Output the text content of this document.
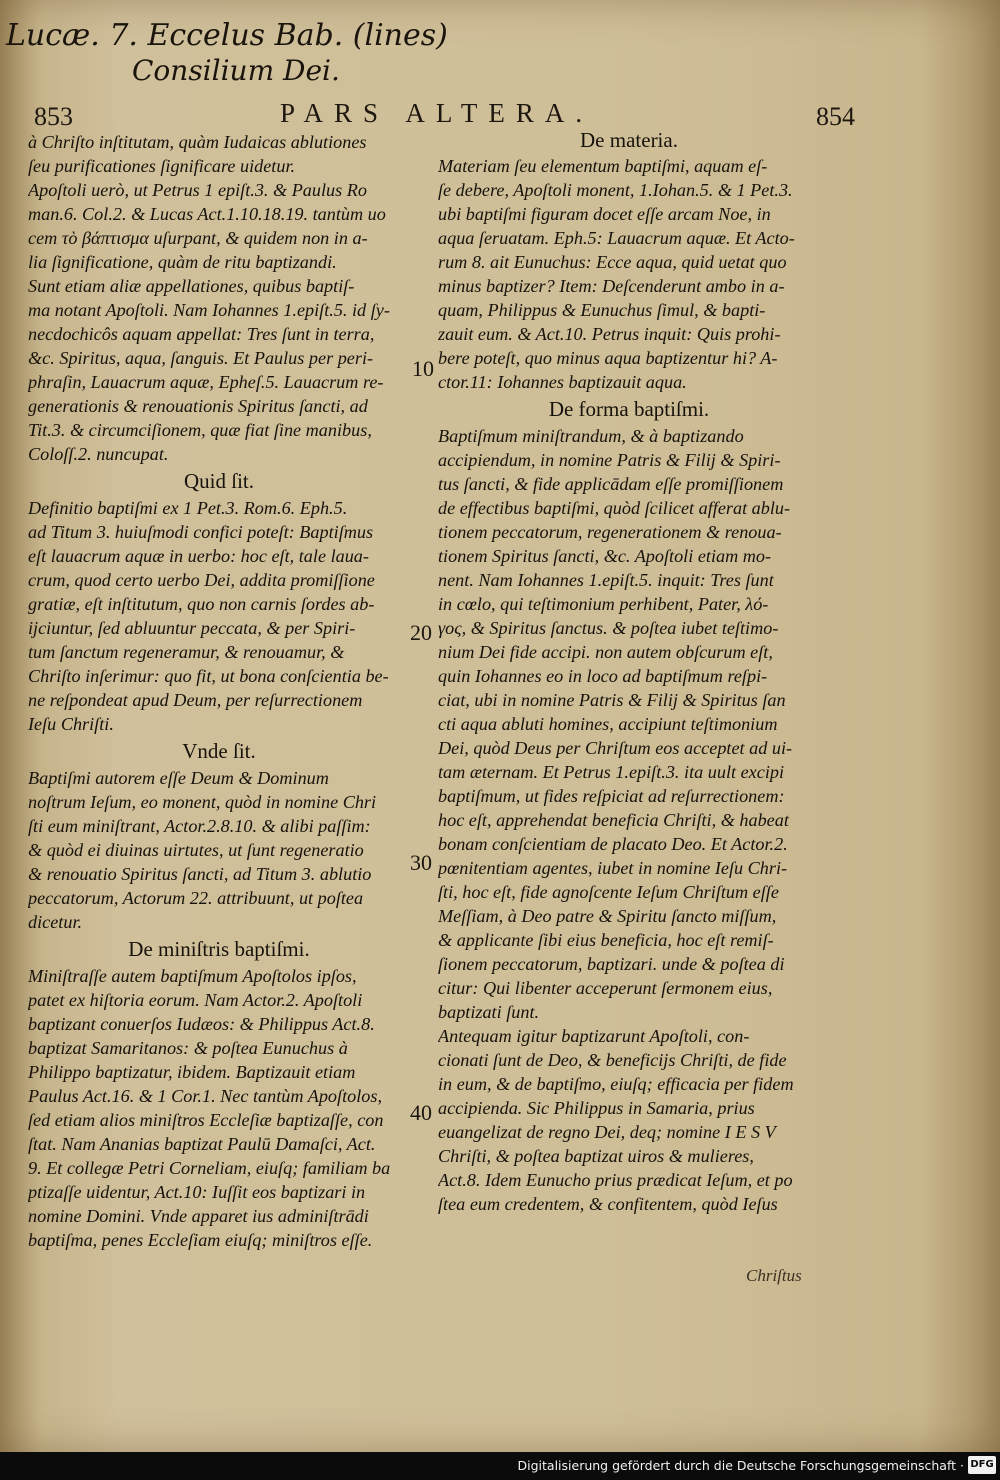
Lucæ. 7. Eccelus Bab. (lines)
Consilium Dei.
853	PARS ALTERA.	854
à Chriſto inſtitutam, quàm Iudaicas ablutiones
ſeu purificationes ſignificare uidetur.
Apoſtoli uerò, ut Petrus 1 epiſt.3. & Paulus Ro
man.6. Col.2. & Lucas Act.1.10.18.19. tantùm uo
cem τὸ βάπτισμα uſurpant, & quidem non in a-
lia ſignificatione, quàm de ritu baptizandi.
Sunt etiam aliæ appellationes, quibus baptiſ-
ma notant Apoſtoli. Nam Iohannes 1.epiſt.5. id ſy-
necdochicôs aquam appellat: Tres ſunt in terra,
&c. Spiritus, aqua, ſanguis. Et Paulus per peri-
phraſin, Lauacrum aquæ, Epheſ.5. Lauacrum re-
generationis & renouationis Spiritus ſancti, ad
Tit.3. & circumciſionem, quæ fiat ſine manibus,
Coloſſ.2. nuncupat.
Quid ſit.
Definitio baptiſmi ex 1 Pet.3. Rom.6. Eph.5.
ad Titum 3. huiuſmodi confici poteſt: Baptiſmus
eſt lauacrum aquæ in uerbo: hoc eſt, tale laua-
crum, quod certo uerbo Dei, addita promiſſione
gratiæ, eſt inſtitutum, quo non carnis ſordes ab-
ijciuntur, ſed abluuntur peccata, & per Spiri-
tum ſanctum regeneramur, & renouamur, &
Chriſto inſerimur: quo fit, ut bona conſcientia be-
ne reſpondeat apud Deum, per reſurrectionem
Ieſu Chriſti.
Vnde ſit.
Baptiſmi autorem eſſe Deum & Dominum
noſtrum Ieſum, eo monent, quòd in nomine Chri
ſti eum miniſtrant, Actor.2.8.10. & alibi paſſim:
& quòd ei diuinas uirtutes, ut ſunt regeneratio
& renouatio Spiritus ſancti, ad Titum 3. ablutio
peccatorum, Actorum 22. attribuunt, ut poſtea
dicetur.
De miniſtris baptiſmi.
Miniſtraſſe autem baptiſmum Apoſtolos ipſos,
patet ex hiſtoria eorum. Nam Actor.2. Apoſtoli
baptizant conuerſos Iudæos: & Philippus Act.8.
baptizat Samaritanos: & poſtea Eunuchus à
Philippo baptizatur, ibidem. Baptizauit etiam
Paulus Act.16. & 1 Cor.1. Nec tantùm Apoſtolos,
ſed etiam alios miniſtros Eccleſiæ baptizaſſe, con
ſtat. Nam Ananias baptizat Paulū Damaſci, Act.
9. Et collegæ Petri Corneliam, eiuſq; familiam ba
ptizaſſe uidentur, Act.10: Iuſſit eos baptizari in
nomine Domini. Vnde apparet ius adminiſtrādi
baptiſma, penes Eccleſiam eiuſq; miniſtros eſſe.
De materia.
Materiam ſeu elementum baptiſmi, aquam eſ-
ſe debere, Apoſtoli monent, 1.Iohan.5. & 1 Pet.3.
ubi baptiſmi figuram docet eſſe arcam Noe, in
aqua ſeruatam. Eph.5: Lauacrum aquæ. Et Acto-
rum 8. ait Eunuchus: Ecce aqua, quid uetat quo
minus baptizer? Item: Deſcenderunt ambo in a-
quam, Philippus & Eunuchus ſimul, & bapti-
zauit eum. & Act.10. Petrus inquit: Quis prohi-
bere poteſt, quo minus aqua baptizentur hi? A-
ctor.11: Iohannes baptizauit aqua.
De forma baptiſmi.
Baptiſmum miniſtrandum, & à baptizando
accipiendum, in nomine Patris & Filij & Spiri-
tus ſancti, & fide applicādam eſſe promiſſionem
de effectibus baptiſmi, quòd ſcilicet afferat ablu-
tionem peccatorum, regenerationem & renoua-
tionem Spiritus ſancti, &c. Apoſtoli etiam mo-
nent. Nam Iohannes 1.epiſt.5. inquit: Tres ſunt
in cœlo, qui teſtimonium perhibent, Pater, λό-
γος, & Spiritus ſanctus. & poſtea iubet teſtimo-
nium Dei fide accipi. non autem obſcurum eſt,
quin Iohannes eo in loco ad baptiſmum reſpi-
ciat, ubi in nomine Patris & Filij & Spiritus ſan
cti aqua abluti homines, accipiunt teſtimonium
Dei, quòd Deus per Chriſtum eos acceptet ad ui-
tam æternam. Et Petrus 1.epiſt.3. ita uult excipi
baptiſmum, ut fides reſpiciat ad reſurrectionem:
hoc eſt, apprehendat beneficia Chriſti, & habeat
bonam conſcientiam de placato Deo. Et Actor.2.
pœnitentiam agentes, iubet in nomine Ieſu Chri-
ſti, hoc eſt, fide agnoſcente Ieſum Chriſtum eſſe
Meſſiam, à Deo patre & Spiritu ſancto miſſum,
& applicante ſibi eius beneficia, hoc eſt remiſ-
ſionem peccatorum, baptizari. unde & poſtea di
citur: Qui libenter acceperunt ſermonem eius,
baptizati ſunt.
Antequam igitur baptizarunt Apoſtoli, con-
cionati ſunt de Deo, & beneficijs Chriſti, de fide
in eum, & de baptiſmo, eiuſq; efficacia per fidem
accipienda. Sic Philippus in Samaria, prius
euangelizat de regno Dei, deq; nomine I E S V
Chriſti, & poſtea baptizat uiros & mulieres,
Act.8. Idem Eunucho prius prædicat Ieſum, et po
ſtea eum credentem, & confitentem, quòd Ieſus
10
20
30
40
Chriſtus
Digitalisierung gefördert durch die Deutsche Forschungsgemeinschaft · DFG
